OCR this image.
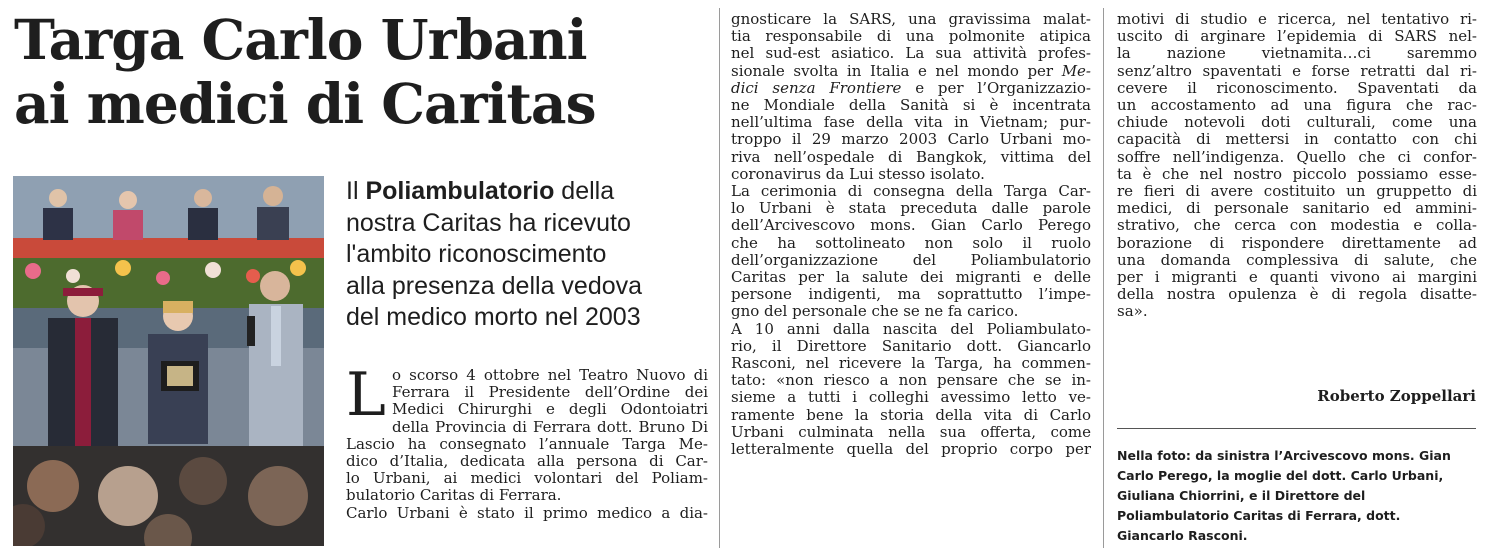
Targa Carlo Urbani
ai medici di Caritas
Il Poliambulatorio della
nostra Caritas ha ricevuto
l'ambito riconoscimento
alla presenza della vedova
del medico morto nel 2003
L o scorso 4 ottobre nel Teatro Nuovo di
Ferrara il Presidente dell’Ordine dei
Medici Chirurghi e degli Odontoiatri
della Provincia di Ferrara dott. Bruno Di
Lascio ha consegnato l’annuale Targa Me-
dico d’Italia, dedicata alla persona di Car-
lo Urbani, ai medici volontari del Poliam-
bulatorio Caritas di Ferrara.
Carlo Urbani è stato il primo medico a dia-
gnosticare la SARS, una gravissima malat-
tia responsabile di una polmonite atipica
nel sud-est asiatico. La sua attività profes-
sionale svolta in Italia e nel mondo per Me-
dici senza Frontiere e per l’Organizzazio-
ne Mondiale della Sanità si è incentrata
nell’ultima fase della vita in Vietnam; pur-
troppo il 29 marzo 2003 Carlo Urbani mo-
riva nell’ospedale di Bangkok, vittima del
coronavirus da Lui stesso isolato.
La cerimonia di consegna della Targa Car-
lo Urbani è stata preceduta dalle parole
dell’Arcivescovo mons. Gian Carlo Perego
che ha sottolineato non solo il ruolo
dell’organizzazione del Poliambulatorio
Caritas per la salute dei migranti e delle
persone indigenti, ma soprattutto l’impe-
gno del personale che se ne fa carico.
A 10 anni dalla nascita del Poliambulato-
rio, il Direttore Sanitario dott. Giancarlo
Rasconi, nel ricevere la Targa, ha commen-
tato: «non riesco a non pensare che se in-
sieme a tutti i colleghi avessimo letto ve-
ramente bene la storia della vita di Carlo
Urbani culminata nella sua offerta, come
letteralmente quella del proprio corpo per
motivi di studio e ricerca, nel tentativo ri-
uscito di arginare l’epidemia di SARS nel-
la nazione vietnamita…ci saremmo
senz’altro spaventati e forse retratti dal ri-
cevere il riconoscimento. Spaventati da
un accostamento ad una figura che rac-
chiude notevoli doti culturali, come una
capacità di mettersi in contatto con chi
soffre nell’indigenza. Quello che ci confor-
ta è che nel nostro piccolo possiamo esse-
re fieri di avere costituito un gruppetto di
medici, di personale sanitario ed ammini-
strativo, che cerca con modestia e colla-
borazione di rispondere direttamente ad
una domanda complessiva di salute, che
per i migranti e quanti vivono ai margini
della nostra opulenza è di regola disatte-
sa».
Roberto Zoppellari
Nella foto: da sinistra l’Arcivescovo mons. Gian
Carlo Perego, la moglie del dott. Carlo Urbani,
Giuliana Chiorrini, e il Direttore del
Poliambulatorio Caritas di Ferrara, dott.
Giancarlo Rasconi.
